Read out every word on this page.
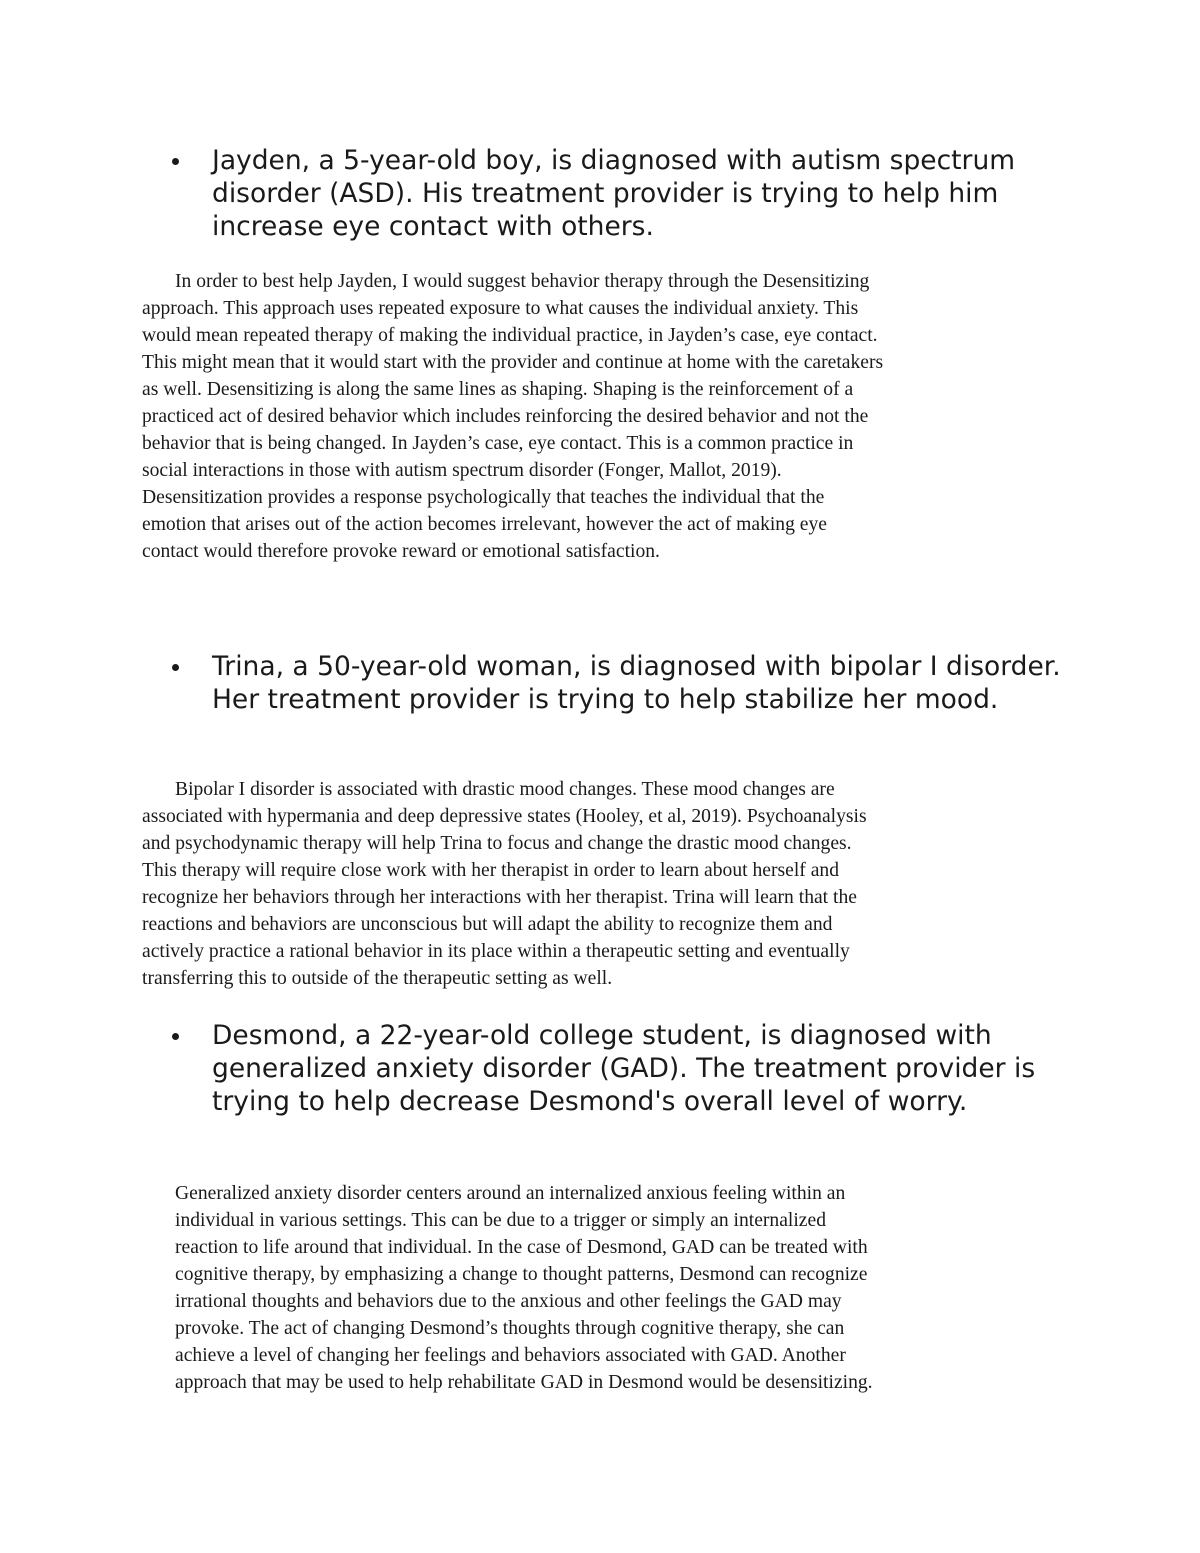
Jayden, a 5-year-old boy, is diagnosed with autism spectrum disorder (ASD). His treatment provider is trying to help him increase eye contact with others.
In order to best help Jayden, I would suggest behavior therapy through the Desensitizing
approach. This approach uses repeated exposure to what causes the individual anxiety. This
would mean repeated therapy of making the individual practice, in Jayden’s case, eye contact.
This might mean that it would start with the provider and continue at home with the caretakers
as well. Desensitizing is along the same lines as shaping. Shaping is the reinforcement of a
practiced act of desired behavior which includes reinforcing the desired behavior and not the
behavior that is being changed. In Jayden’s case, eye contact. This is a common practice in
social interactions in those with autism spectrum disorder (Fonger, Mallot, 2019).
Desensitization provides a response psychologically that teaches the individual that the
emotion that arises out of the action becomes irrelevant, however the act of making eye
contact would therefore provoke reward or emotional satisfaction.
Trina, a 50-year-old woman, is diagnosed with bipolar I disorder. Her treatment provider is trying to help stabilize her mood.
Bipolar I disorder is associated with drastic mood changes. These mood changes are
associated with hypermania and deep depressive states (Hooley, et al, 2019). Psychoanalysis
and psychodynamic therapy will help Trina to focus and change the drastic mood changes.
This therapy will require close work with her therapist in order to learn about herself and
recognize her behaviors through her interactions with her therapist. Trina will learn that the
reactions and behaviors are unconscious but will adapt the ability to recognize them and
actively practice a rational behavior in its place within a therapeutic setting and eventually
transferring this to outside of the therapeutic setting as well.
Desmond, a 22-year-old college student, is diagnosed with generalized anxiety disorder (GAD). The treatment provider is trying to help decrease Desmond's overall level of worry.
Generalized anxiety disorder centers around an internalized anxious feeling within an
individual in various settings. This can be due to a trigger or simply an internalized
reaction to life around that individual. In the case of Desmond, GAD can be treated with
cognitive therapy, by emphasizing a change to thought patterns, Desmond can recognize
irrational thoughts and behaviors due to the anxious and other feelings the GAD may
provoke. The act of changing Desmond’s thoughts through cognitive therapy, she can
achieve a level of changing her feelings and behaviors associated with GAD. Another
approach that may be used to help rehabilitate GAD in Desmond would be desensitizing.
